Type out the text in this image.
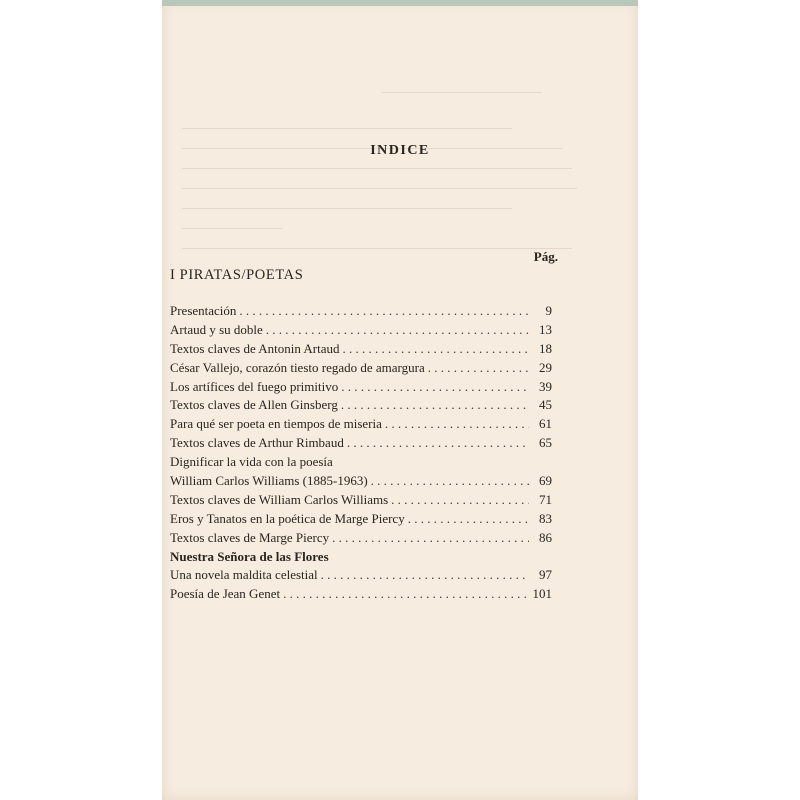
INDICE
Pág.
I PIRATAS/POETAS
Presentación . . .	9
Artaud y su doble . . .	13
Textos claves de Antonin Artaud . . .	18
César Vallejo, corazón tiesto regado de amargura . . .	29
Los artífices del fuego primitivo . . .	39
Textos claves de Allen Ginsberg . . .	45
Para qué ser poeta en tiempos de miseria . . .	61
Textos claves de Arthur Rimbaud . . .	65
Dignificar la vida con la poesía
William Carlos Williams (1885-1963) . . .	69
Textos claves de William Carlos Williams . . .	71
Eros y Tanatos en la poética de Marge Piercy . . .	83
Textos claves de Marge Piercy . . .	86
Nuestra Señora de las Flores
Una novela maldita celestial . . .	97
Poesía de Jean Genet . . .	101
